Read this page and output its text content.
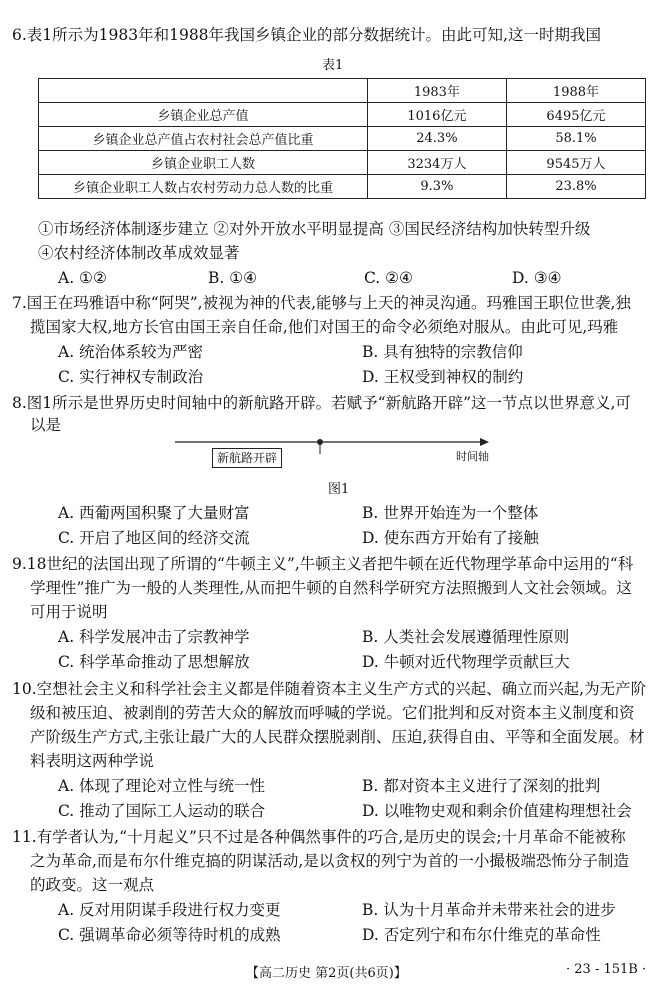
6.表1所示为1983年和1988年我国乡镇企业的部分数据统计。由此可知,这一时期我国
表1
	1983年	1988年
乡镇企业总产值	1016亿元	6495亿元
乡镇企业总产值占农村社会总产值比重	24.3%	58.1%
乡镇企业职工人数	3234万人	9545万人
乡镇企业职工人数占农村劳动力总人数的比重	9.3%	23.8%
①市场经济体制逐步建立 ②对外开放水平明显提高 ③国民经济结构加快转型升级
④农村经济体制改革成效显著
A. ①②	B. ①④	C. ②④	D. ③④
7.国王在玛雅语中称“阿哭”,被视为神的代表,能够与上天的神灵沟通。玛雅国王职位世袭,独
揽国家大权,地方长官由国王亲自任命,他们对国王的命令必须绝对服从。由此可见,玛雅
A. 统治体系较为严密	B. 具有独特的宗教信仰
C. 实行神权专制政治	D. 王权受到神权的制约
8.图1所示是世界历史时间轴中的新航路开辟。若赋予“新航路开辟”这一节点以世界意义,可
以是
新航路开辟	时间轴
图1
A. 西葡两国积聚了大量财富	B. 世界开始连为一个整体
C. 开启了地区间的经济交流	D. 使东西方开始有了接触
9.18世纪的法国出现了所谓的“牛顿主义”,牛顿主义者把牛顿在近代物理学革命中运用的“科
学理性”推广为一般的人类理性,从而把牛顿的自然科学研究方法照搬到人文社会领域。这
可用于说明
A. 科学发展冲击了宗教神学	B. 人类社会发展遵循理性原则
C. 科学革命推动了思想解放	D. 牛顿对近代物理学贡献巨大
10.空想社会主义和科学社会主义都是伴随着资本主义生产方式的兴起、确立而兴起,为无产阶
级和被压迫、被剥削的劳苦大众的解放而呼喊的学说。它们批判和反对资本主义制度和资
产阶级生产方式,主张让最广大的人民群众摆脱剥削、压迫,获得自由、平等和全面发展。材
料表明这两种学说
A. 体现了理论对立性与统一性	B. 都对资本主义进行了深刻的批判
C. 推动了国际工人运动的联合	D. 以唯物史观和剩余价值建构理想社会
11.有学者认为,“十月起义”只不过是各种偶然事件的巧合,是历史的误会;十月革命不能被称
之为革命,而是布尔什维克搞的阴谋活动,是以贪权的列宁为首的一小撮极端恐怖分子制造
的政变。这一观点
A. 反对用阴谋手段进行权力变更	B. 认为十月革命并未带来社会的进步
C. 强调革命必须等待时机的成熟	D. 否定列宁和布尔什维克的革命性
【高二历史 第2页(共6页)】	· 23 - 151B ·
